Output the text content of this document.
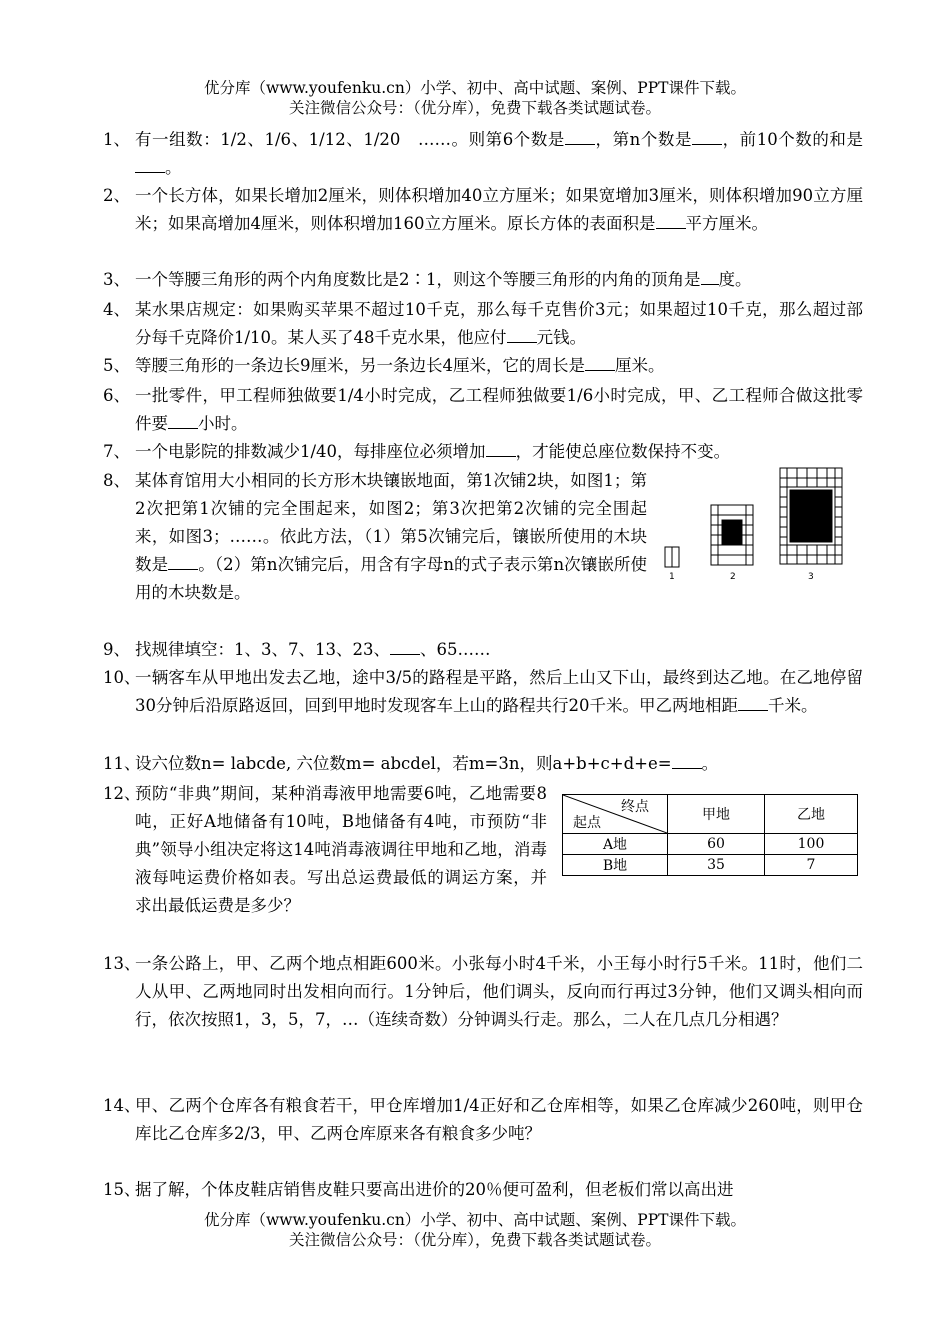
优分库（www.youfenku.cn）小学、初中、高中试题、案例、PPT课件下载。
关注微信公众号：（优分库），免费下载各类试题试卷。
1、 有一组数：1/2、1/6、1/12、1/20　……。则第6个数是 ，第n个数是 ，前10个数的和是。
2、 一个长方体，如果长增加2厘米，则体积增加40立方厘米；如果宽增加3厘米，则体积增加90立方厘米；如果高增加4厘米，则体积增加160立方厘米。原长方体的表面积是 平方厘米。
3、 一个等腰三角形的两个内角度数比是2∶1，则这个等腰三角形的内角的顶角是 度。
4、 某水果店规定：如果购买苹果不超过10千克，那么每千克售价3元；如果超过10千克，那么超过部分每千克降价1/10。某人买了48千克水果，他应付 元钱。
5、 等腰三角形的一条边长9厘米，另一条边长4厘米，它的周长是 厘米。
6、 一批零件，甲工程师独做要1/4小时完成，乙工程师独做要1/6小时完成，甲、乙工程师合做这批零件要 小时。
7、 一个电影院的排数减少1/40，每排座位必须增加 ，才能使总座位数保持不变。
8、 某体育馆用大小相同的长方形木块镶嵌地面，第1次铺2块，如图1；第2次把第1次铺的完全围起来，如图2；第3次把第2次铺的完全围起来，如图3；……。依此方法，（1）第5次铺完后，镶嵌所使用的木块数是 。（2）第n次铺完后，用含有字母n的式子表示第n次镶嵌所使用的木块数是。
1	2	3
9、 找规律填空：1、3、7、13、23、 、65……
10、
一辆客车从甲地出发去乙地，途中3/5的路程是平路，然后上山又下山，最终到达乙地。在乙地停留30分钟后沿原路返回，回到甲地时发现客车上山的路程共行20千米。甲乙两地相距 千米。
11、
设六位数n= labcde, 六位数m= abcdel，若m=3n，则a+b+c+d+e= 。
12、
预防“非典”期间，某种消毒液甲地需要6吨，乙地需要8吨，正好A地储备有10吨，B地储备有4吨，市预防“非典”领导小组决定将这14吨消毒液调往甲地和乙地，消毒液每吨运费价格如表。写出总运费最低的调运方案，并求出最低运费是多少？
终点
起点	甲地	乙地
A地	60	100
B地	35	7
13、
一条公路上，甲、乙两个地点相距600米。小张每小时4千米，小王每小时行5千米。11时，他们二人从甲、乙两地同时出发相向而行。1分钟后，他们调头，反向而行再过3分钟，他们又调头相向而行，依次按照1，3，5，7，…（连续奇数）分钟调头行走。那么，二人在几点几分相遇？
14、
甲、乙两个仓库各有粮食若干，甲仓库增加1/4正好和乙仓库相等，如果乙仓库减少260吨，则甲仓库比乙仓库多2/3，甲、乙两仓库原来各有粮食多少吨？
15、
据了解，个体皮鞋店销售皮鞋只要高出进价的20％便可盈利，但老板们常以高出进
优分库（www.youfenku.cn）小学、初中、高中试题、案例、PPT课件下载。
关注微信公众号：（优分库），免费下载各类试题试卷。
